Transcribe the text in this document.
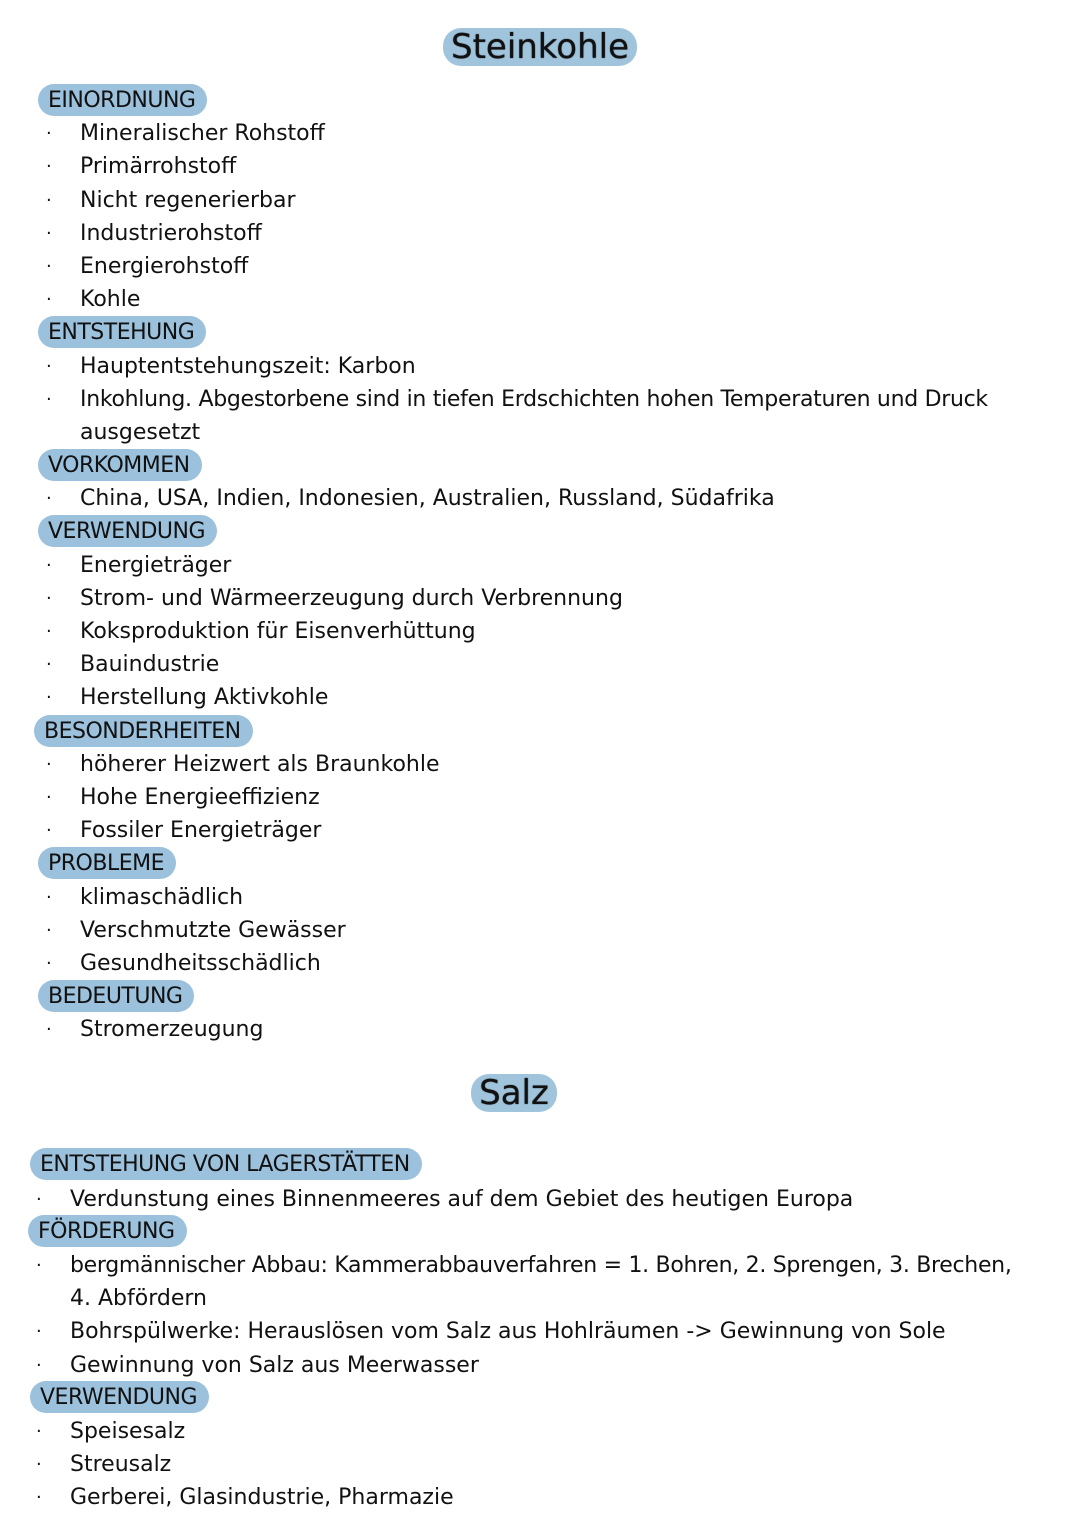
Steinkohle
EINORDNUNG
· Mineralischer Rohstoff
· Primärrohstoff
· Nicht regenerierbar
· Industrierohstoff
· Energierohstoff
· Kohle
ENTSTEHUNG
· Hauptentstehungszeit: Karbon
· Inkohlung. Abgestorbene sind in tiefen Erdschichten hohen Temperaturen und Druck
ausgesetzt
VORKOMMEN
· China, USA, Indien, Indonesien, Australien, Russland, Südafrika
VERWENDUNG
· Energieträger
· Strom- und Wärmeerzeugung durch Verbrennung
· Koksproduktion für Eisenverhüttung
· Bauindustrie
· Herstellung Aktivkohle
BESONDERHEITEN
· höherer Heizwert als Braunkohle
· Hohe Energieeffizienz
· Fossiler Energieträger
PROBLEME
· klimaschädlich
· Verschmutzte Gewässer
· Gesundheitsschädlich
BEDEUTUNG
· Stromerzeugung
Salz
ENTSTEHUNG VON LAGERSTÄTTEN
· Verdunstung eines Binnenmeeres auf dem Gebiet des heutigen Europa
FÖRDERUNG
· bergmännischer Abbau: Kammerabbauverfahren = 1. Bohren, 2. Sprengen, 3. Brechen,
4. Abfördern
· Bohrspülwerke: Herauslösen vom Salz aus Hohlräumen -> Gewinnung von Sole
· Gewinnung von Salz aus Meerwasser
VERWENDUNG
· Speisesalz
· Streusalz
· Gerberei, Glasindustrie, Pharmazie
